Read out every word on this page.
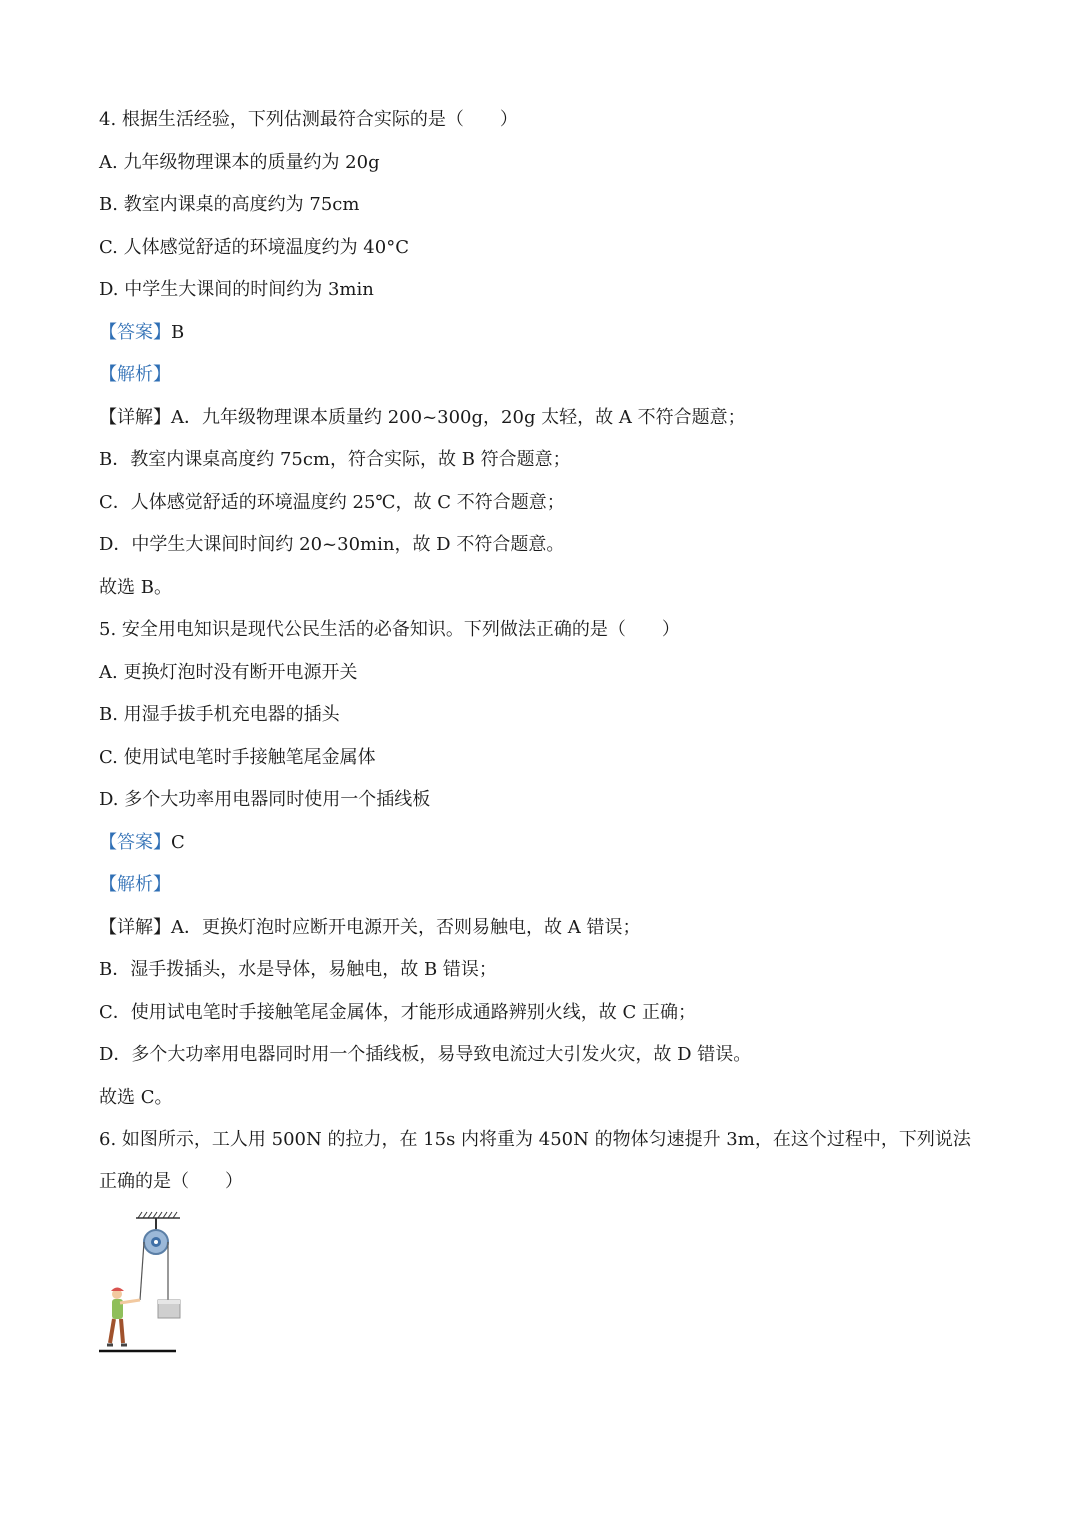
4. 根据生活经验，下列估测最符合实际的是（　　）
A. 九年级物理课本的质量约为 20g
B. 教室内课桌的高度约为 75cm
C. 人体感觉舒适的环境温度约为 40°C
D. 中学生大课间的时间约为 3min
【答案】B
【解析】
【详解】A．九年级物理课本质量约 200~300g，20g 太轻，故 A 不符合题意；
B．教室内课桌高度约 75cm，符合实际，故 B 符合题意；
C．人体感觉舒适的环境温度约 25℃，故 C 不符合题意；
D．中学生大课间时间约 20~30min，故 D 不符合题意。
故选 B。
5. 安全用电知识是现代公民生活的必备知识。下列做法正确的是（　　）
A. 更换灯泡时没有断开电源开关
B. 用湿手拔手机充电器的插头
C. 使用试电笔时手接触笔尾金属体
D. 多个大功率用电器同时使用一个插线板
【答案】C
【解析】
【详解】A．更换灯泡时应断开电源开关，否则易触电，故 A 错误；
B．湿手拨插头，水是导体，易触电，故 B 错误；
C．使用试电笔时手接触笔尾金属体，才能形成通路辨别火线，故 C 正确；
D．多个大功率用电器同时用一个插线板，易导致电流过大引发火灾，故 D 错误。
故选 C。
6. 如图所示，工人用 500N 的拉力，在 15s 内将重为 450N 的物体匀速提升 3m，在这个过程中，下列说法
正确的是（　　）
